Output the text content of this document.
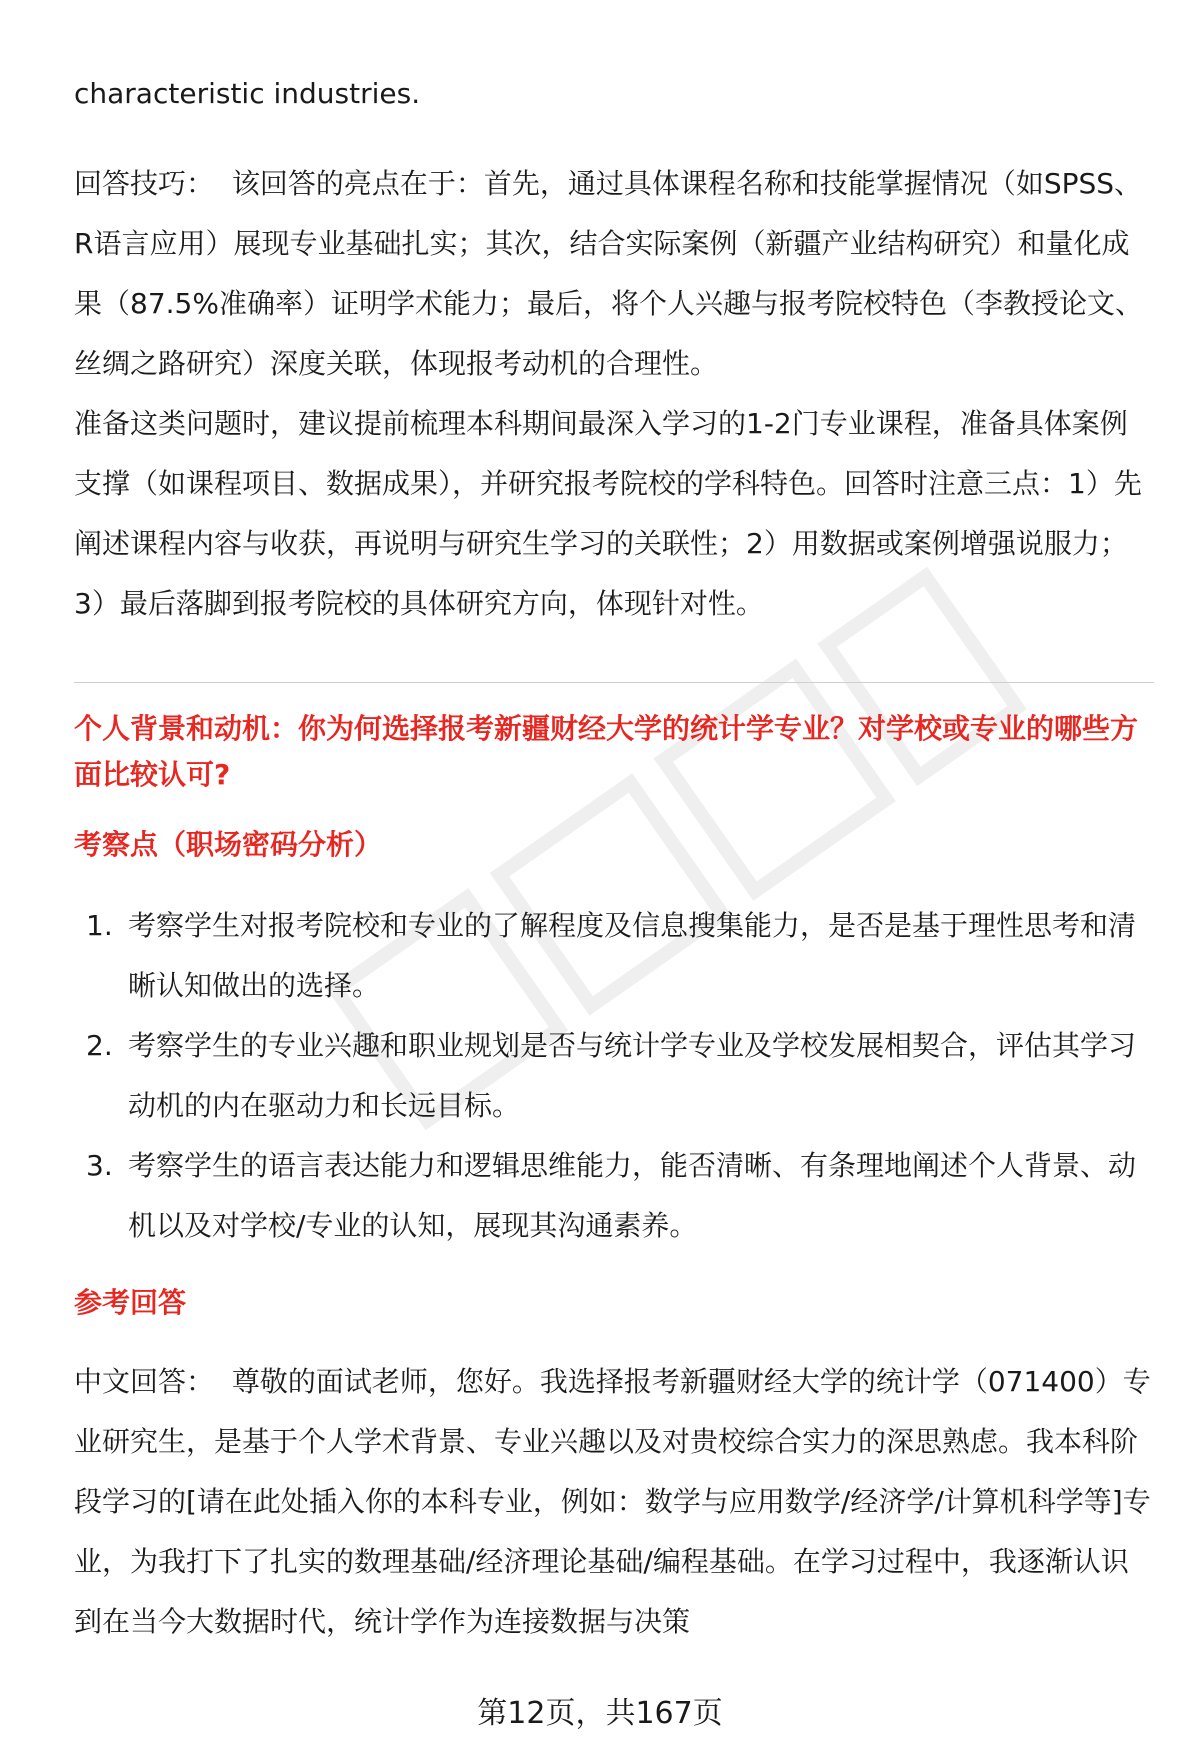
characteristic industries.

回答技巧： 该回答的亮点在于：首先，通过具体课程名称和技能掌握情况（如SPSS、R语言应用）展现专业基础扎实；其次，结合实际案例（新疆产业结构研究）和量化成果（87.5%准确率）证明学术能力；最后，将个人兴趣与报考院校特色（李教授论文、丝绸之路研究）深度关联，体现报考动机的合理性。

准备这类问题时，建议提前梳理本科期间最深入学习的1-2门专业课程，准备具体案例支撑（如课程项目、数据成果），并研究报考院校的学科特色。回答时注意三点：1）先阐述课程内容与收获，再说明与研究生学习的关联性；2）用数据或案例增强说服力；3）最后落脚到报考院校的具体研究方向，体现针对性。

个人背景和动机：你为何选择报考新疆财经大学的统计学专业？对学校或专业的哪些方面比较认可?

考察点（职场密码分析）

1. 考察学生对报考院校和专业的了解程度及信息搜集能力，是否是基于理性思考和清晰认知做出的选择。
2. 考察学生的专业兴趣和职业规划是否与统计学专业及学校发展相契合，评估其学习动机的内在驱动力和长远目标。
3. 考察学生的语言表达能力和逻辑思维能力，能否清晰、有条理地阐述个人背景、动机以及对学校/专业的认知，展现其沟通素养。

参考回答

中文回答： 尊敬的面试老师，您好。我选择报考新疆财经大学的统计学（071400）专业研究生，是基于个人学术背景、专业兴趣以及对贵校综合实力的深思熟虑。我本科阶段学习的[请在此处插入你的本科专业，例如：数学与应用数学/经济学/计算机科学等]专业，为我打下了扎实的数理基础/经济理论基础/编程基础。在学习过程中，我逐渐认识到在当今大数据时代，统计学作为连接数据与决策

第12页，共167页
